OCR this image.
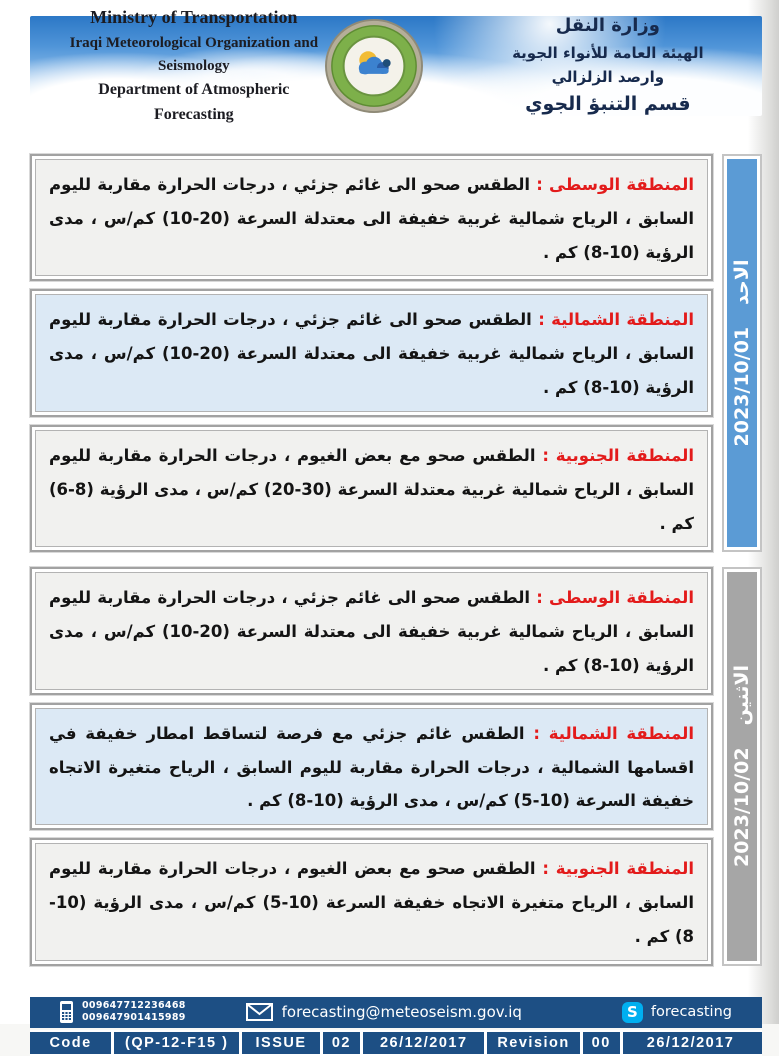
Ministry of Transportation
Iraqi Meteorological Organization and Seismology
Department of Atmospheric Forecasting
وزارة النقل
الهيئة العامة للأنواء الجوية وارصد الزلزالي
قسم التنبؤ الجوي
المنطقة الوسطى : الطقس صحو الى غائم جزئي ، درجات الحرارة مقاربة لليوم السابق ، الرياح شمالية غربية خفيفة الى معتدلة السرعة (20-10) كم/س ، مدى الرؤية (10-8) كم .
المنطقة الشمالية : الطقس صحو الى غائم جزئي ، درجات الحرارة مقاربة لليوم السابق ، الرياح شمالية غربية خفيفة الى معتدلة السرعة (20-10) كم/س ، مدى الرؤية (10-8) كم .
المنطقة الجنوبية : الطقس صحو مع بعض الغيوم ، درجات الحرارة مقاربة لليوم السابق ، الرياح شمالية غربية معتدلة السرعة (30-20) كم/س ، مدى الرؤية (8-6) كم .
الاحد2023/10/01
المنطقة الوسطى : الطقس صحو الى غائم جزئي ، درجات الحرارة مقاربة لليوم السابق ، الرياح شمالية غربية خفيفة الى معتدلة السرعة (20-10) كم/س ، مدى الرؤية (10-8) كم .
المنطقة الشمالية : الطقس غائم جزئي مع فرصة لتساقط امطار خفيفة في اقسامها الشمالية ، درجات الحرارة مقاربة لليوم السابق ، الرياح متغيرة الاتجاه خفيفة السرعة (10-5) كم/س ، مدى الرؤية (10-8) كم .
المنطقة الجنوبية : الطقس صحو مع بعض الغيوم ، درجات الحرارة مقاربة لليوم السابق ، الرياح متغيرة الاتجاه خفيفة السرعة (10-5) كم/س ، مدى الرؤية (10-8) كم .
الاثنين2023/10/02
009647712236468
009647901415989	forecasting@meteoseism.gov.iq	S forecasting
Code	(QP-12-F15 )	ISSUE	02	26/12/2017	Revision	00	26/12/2017
